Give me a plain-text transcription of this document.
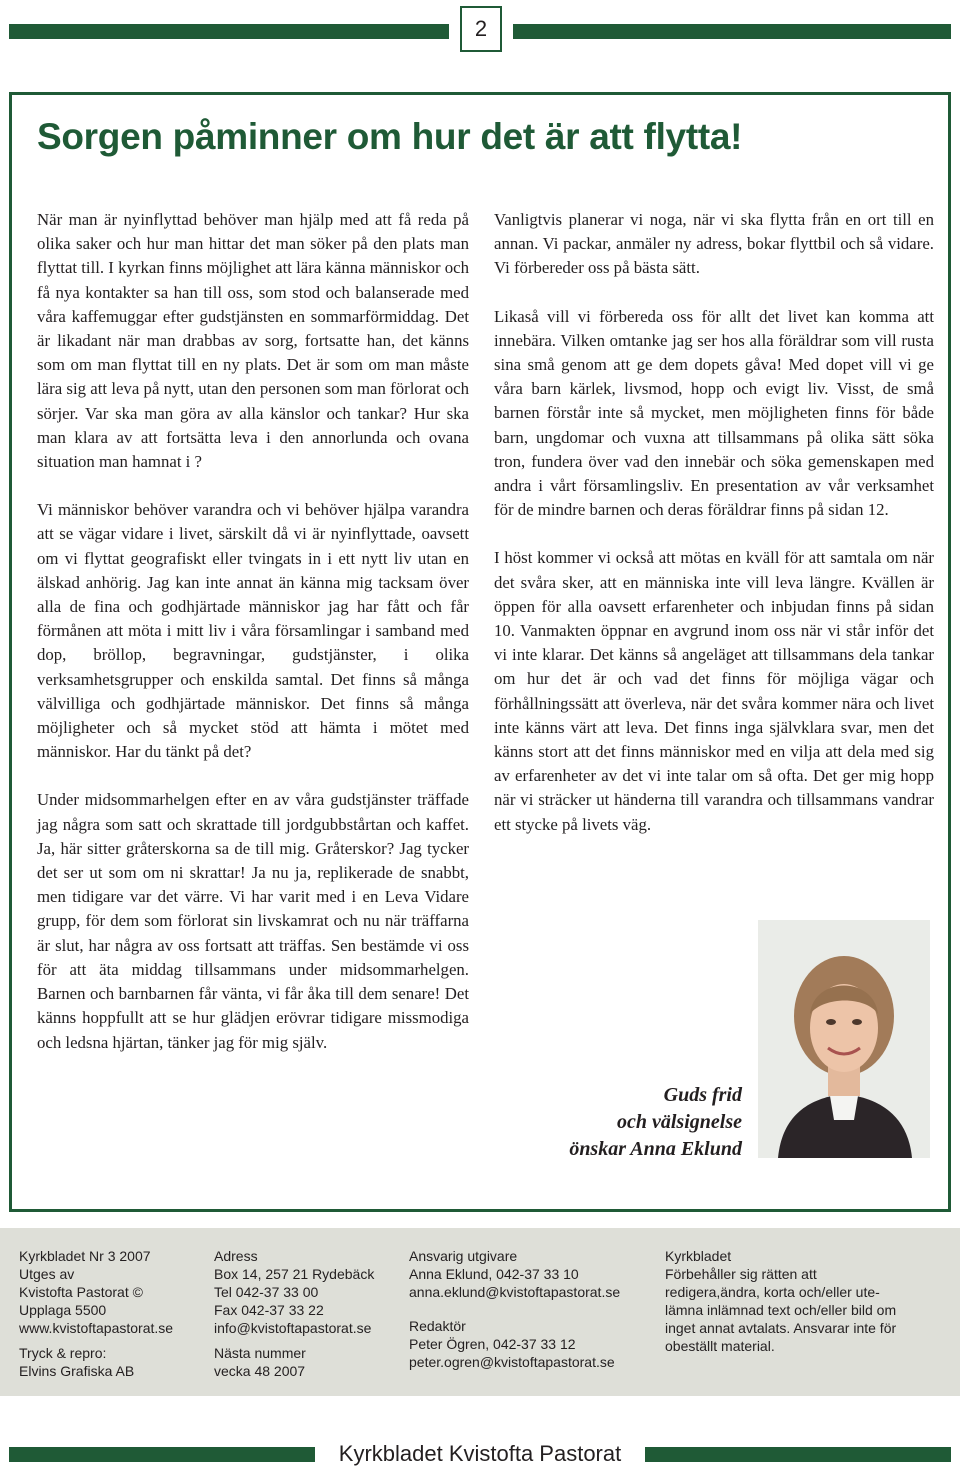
2
Sorgen påminner om hur det är att flytta!

När man är nyinflyttad behöver man hjälp med att få reda på olika saker och hur man hittar det man söker på den plats man flyttat till. I kyrkan finns möjlighet att lära känna människor och få nya kontakter sa han till oss, som stod och balanserade med våra kaffemuggar efter gudstjänsten en sommarförmiddag. Det är likadant när man drabbas av sorg, fortsatte han, det känns som om man flyttat till en ny plats. Det är som om man måste lära sig att leva på nytt, utan den personen som man förlorat och sörjer. Var ska man göra av alla känslor och tankar? Hur ska man klara av att fortsätta leva i den annorlunda och ovana situation man hamnat i ?

Vi människor behöver varandra och vi behöver hjälpa varandra att se vägar vidare i livet, särskilt då vi är nyinflyttade, oavsett om vi flyttat geografiskt eller tvingats in i ett nytt liv utan en älskad anhörig. Jag kan inte annat än känna mig tacksam över alla de fina och godhjärtade människor jag har fått och får förmånen att möta i mitt liv i våra församlingar i samband med dop, bröllop, begravningar, gudstjänster, i olika verksamhetsgrupper och enskilda samtal. Det finns så många välvilliga och godhjärtade människor. Det finns så många möjligheter och så mycket stöd att hämta i mötet med människor. Har du tänkt på det?

Under midsommarhelgen efter en av våra gudstjänster träffade jag några som satt och skrattade till jordgubbstårtan och kaffet. Ja, här sitter gråterskorna sa de till mig. Gråterskor? Jag tycker det ser ut som om ni skrattar! Ja nu ja, replikerade de snabbt, men tidigare var det värre. Vi har varit med i en Leva Vidare grupp, för dem som förlorat sin livskamrat och nu när träffarna är slut, har några av oss fortsatt att träffas. Sen bestämde vi oss för att äta middag tillsammans under midsommarhelgen. Barnen och barnbarnen får vänta, vi får åka till dem senare! Det känns hoppfullt att se hur glädjen erövrar tidigare missmodiga och ledsna hjärtan, tänker jag för mig själv.

Vanligtvis planerar vi noga, när vi ska flytta från en ort till en annan. Vi packar, anmäler ny adress, bokar flyttbil och så vidare. Vi förbereder oss på bästa sätt.

Likaså vill vi förbereda oss för allt det livet kan komma att innebära. Vilken omtanke jag ser hos alla föräldrar som vill rusta sina små genom att ge dem dopets gåva! Med dopet vill vi ge våra barn kärlek, livsmod, hopp och evigt liv. Visst, de små barnen förstår inte så mycket, men möjligheten finns för både barn, ungdomar och vuxna att tillsammans på olika sätt söka tron, fundera över vad den innebär och söka gemenskapen med andra i vårt församlingsliv. En presentation av vår verksamhet för de mindre barnen och deras föräldrar finns på sidan 12.

I höst kommer vi också att mötas en kväll för att samtala om när det svåra sker, att en människa inte vill leva längre. Kvällen är öppen för alla oavsett erfarenheter och inbjudan finns på sidan 10. Vanmakten öppnar en avgrund inom oss när vi står inför det vi inte klarar. Det känns så angeläget att tillsammans dela tankar om hur det är och vad det finns för möjliga vägar och förhållningssätt att överleva, när det svåra kommer nära och livet inte känns värt att leva. Det finns inga självklara svar, men det känns stort att det finns människor med en vilja att dela med sig av erfarenheter av det vi inte talar om så ofta. Det ger mig hopp när vi sträcker ut händerna till varandra och tillsammans vandrar ett stycke på livets väg.

Guds frid
och välsignelse
önskar Anna Eklund
Kyrkbladet Nr 3 2007
Utges av
Kvistofta Pastorat ©
Upplaga 5500
www.kvistoftapastorat.se
Tryck & repro:
Elvins Grafiska AB
Adress
Box 14, 257 21 Rydebäck
Tel 042-37 33 00
Fax 042-37 33 22
info@kvistoftapastorat.se
Nästa nummer
vecka 48 2007
Ansvarig utgivare
Anna Eklund, 042-37 33 10
anna.eklund@kvistoftapastorat.se
Redaktör
Peter Ögren, 042-37 33 12
peter.ogren@kvistoftapastorat.se
Kyrkbladet
Förbehåller sig rätten att
redigera,ändra, korta och/eller ute-
lämna inlämnad text och/eller bild om
inget annat avtalats. Ansvarar inte för
obeställt material.
Kyrkbladet Kvistofta Pastorat
